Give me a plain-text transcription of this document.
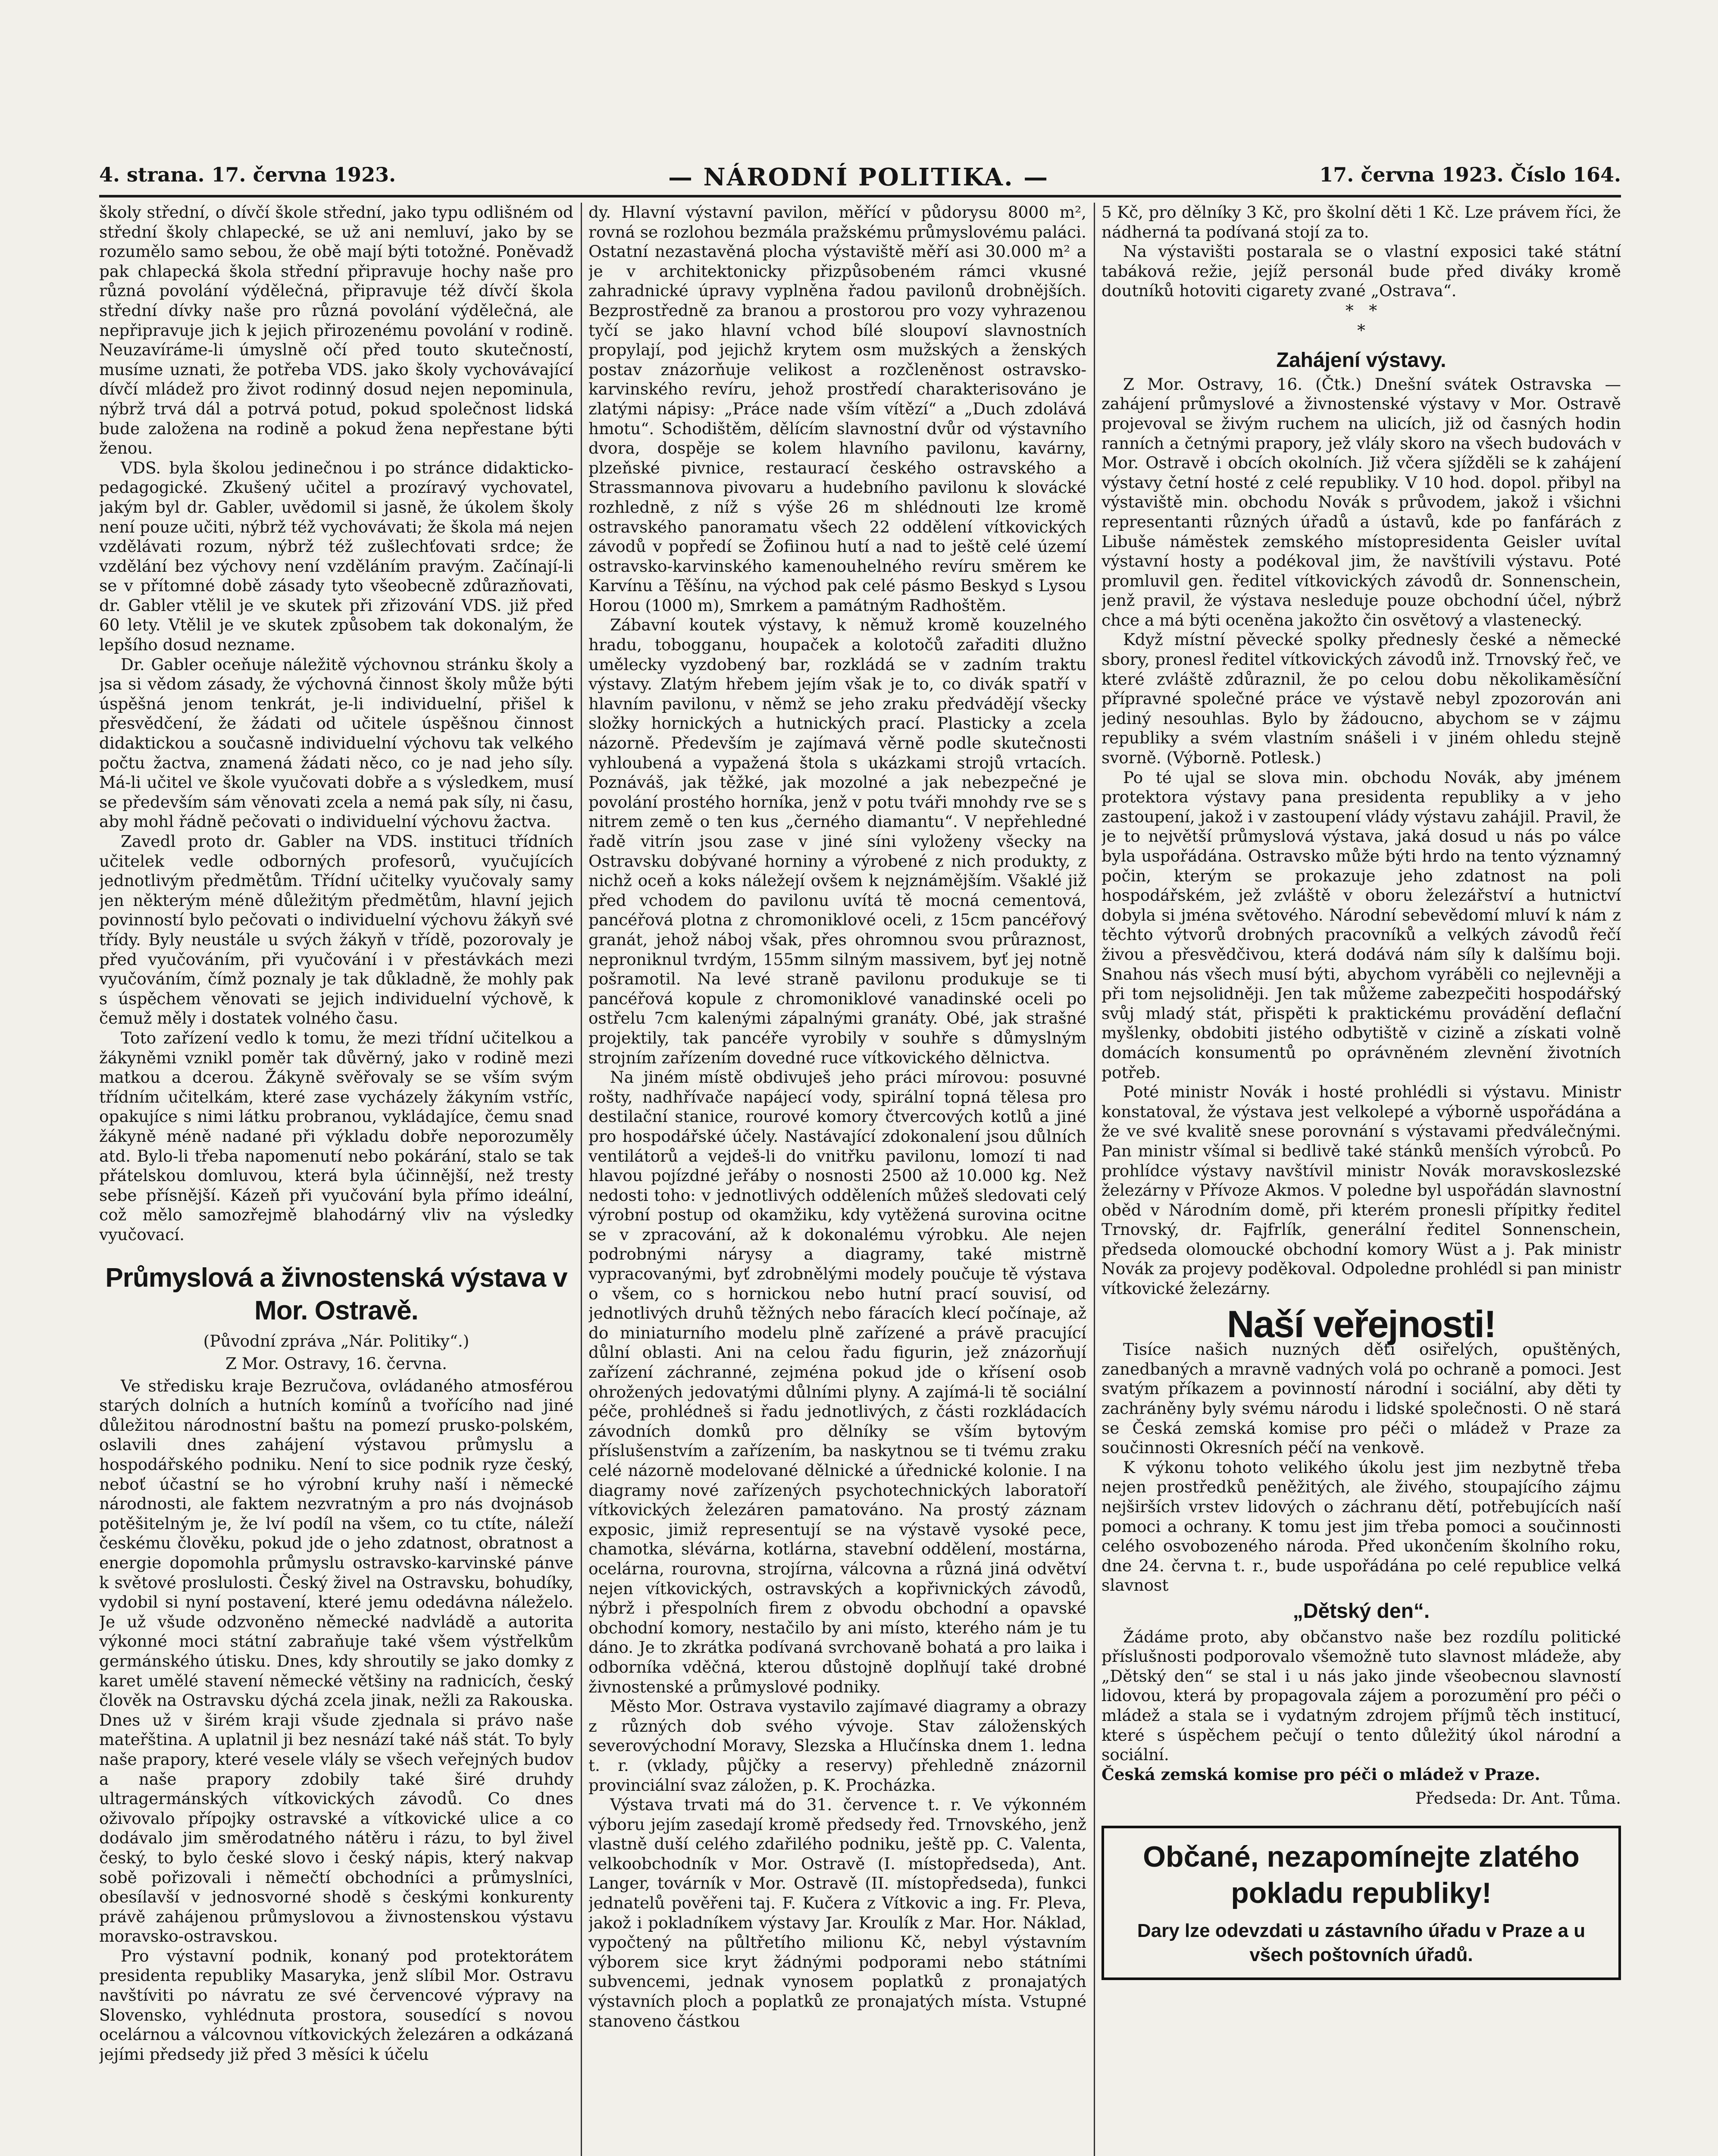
4. strana. 17. června 1923.	— NÁRODNÍ POLITIKA. —	17. června 1923. Číslo 164.

školy střední, o dívčí škole střední, jako typu odlišném od střední školy chlapecké, se už ani nemluví, jako by se rozumělo samo sebou, že obě mají býti totožné. Poněvadž pak chlapecká škola střední připravuje hochy naše pro různá povolání výdělečná, připravuje též dívčí škola střední dívky naše pro různá povolání výdělečná, ale nepřipravuje jich k jejich přirozenému povolání v rodině. Neuzavíráme-li úmyslně očí před touto skutečností, musíme uznati, že potřeba VDS. jako školy vychovávající dívčí mládež pro život rodinný dosud nejen nepominula, nýbrž trvá dál a potrvá potud, pokud společnost lidská bude založena na rodině a pokud žena nepřestane býti ženou.

VDS. byla školou jedinečnou i po stránce didakticko-pedagogické. Zkušený učitel a prozíravý vychovatel, jakým byl dr. Gabler, uvědomil si jasně, že úkolem školy není pouze učiti, nýbrž též vychovávati; že škola má nejen vzdělávati rozum, nýbrž též zušlechťovati srdce; že vzdělání bez výchovy není vzděláním pravým. Začínají-li se v přítomné době zásady tyto všeobecně zdůrazňovati, dr. Gabler vtělil je ve skutek při zřizování VDS. již před 60 lety. Vtělil je ve skutek způsobem tak dokonalým, že lepšího dosud nezname.

Dr. Gabler oceňuje náležitě výchovnou stránku školy a jsa si vědom zásady, že výchovná činnost školy může býti úspěšná jenom tenkrát, je-li individuelní, přišel k přesvědčení, že žádati od učitele úspěšnou činnost didaktickou a současně individuelní výchovu tak velkého počtu žactva, znamená žádati něco, co je nad jeho síly. Má-li učitel ve škole vyučovati dobře a s výsledkem, musí se především sám věnovati zcela a nemá pak síly, ni času, aby mohl řádně pečovati o individuelní výchovu žactva.

Zavedl proto dr. Gabler na VDS. instituci třídních učitelek vedle odborných profesorů, vyučujících jednotlivým předmětům. Třídní učitelky vyučovaly samy jen některým méně důležitým předmětům, hlavní jejich povinností bylo pečovati o individuelní výchovu žákyň své třídy. Byly neustále u svých žákyň v třídě, pozorovaly je před vyučováním, při vyučování i v přestávkách mezi vyučováním, čímž poznaly je tak důkladně, že mohly pak s úspěchem věnovati se jejich individuelní výchově, k čemuž měly i dostatek volného času.

Toto zařízení vedlo k tomu, že mezi třídní učitelkou a žákyněmi vznikl poměr tak důvěrný, jako v rodině mezi matkou a dcerou. Žákyně svěřovaly se se vším svým třídním učitelkám, které zase vycházely žákyním vstříc, opakujíce s nimi látku probranou, vykládajíce, čemu snad žákyně méně nadané při výkladu dobře neporozuměly atd. Bylo-li třeba napomenutí nebo pokárání, stalo se tak přátelskou domluvou, která byla účinnější, než tresty sebe přísnější. Kázeň při vyučování byla přímo ideální, což mělo samozřejmě blahodárný vliv na výsledky vyučovací.

Průmyslová a živnostenská výstava v Mor. Ostravě.

(Původní zpráva „Nár. Politiky“.)

Z Mor. Ostravy, 16. června.

Ve středisku kraje Bezručova, ovládaného atmosférou starých dolních a hutních komínů a tvořícího nad jiné důležitou národnostní baštu na pomezí prusko-polském, oslavili dnes zahájení výstavou průmyslu a hospodářského podniku. Není to sice podnik ryze český, neboť účastní se ho výrobní kruhy naší i německé národnosti, ale faktem nezvratným a pro nás dvojnásob potěšitelným je, že lví podíl na všem, co tu ctíte, náleží českému člověku, pokud jde o jeho zdatnost, obratnost a energie dopomohla průmyslu ostravsko-karvinské pánve k světové proslulosti. Český živel na Ostravsku, bohudíky, vydobil si nyní postavení, které jemu odedávna náleželo. Je už všude odzvoněno německé nadvládě a autorita výkonné moci státní zabraňuje také všem výstřelkům germánského útisku. Dnes, kdy shroutily se jako domky z karet umělé stavení německé většiny na radnicích, český člověk na Ostravsku dýchá zcela jinak, nežli za Rakouska. Dnes už v širém kraji všude zjednala si právo naše mateřština. A uplatnil ji bez nesnází také náš stát. To byly naše prapory, které vesele vlály se všech veřejných budov a naše prapory zdobily také širé druhdy ultragermánských vítkovických závodů. Co dnes oživovalo přípojky ostravské a vítkovické ulice a co dodávalo jim směrodatného nátěru i rázu, to byl živel český, to bylo české slovo i český nápis, který nakvap sobě pořizovali i němečtí obchodníci a průmyslníci, obesílavší v jednosvorné shodě s českými konkurenty právě zahájenou průmyslovou a živnostenskou výstavu moravsko-ostravskou.

Pro výstavní podnik, konaný pod protektorátem presidenta republiky Masaryka, jenž slíbil Mor. Ostravu navštíviti po návratu ze své červencové výpravy na Slovensko, vyhlédnuta prostora, sousedící s novou ocelárnou a válcovnou vítkovických železáren a odkázaná jejími předsedy již před 3 měsíci k účelu

dy. Hlavní výstavní pavilon, měřící v půdorysu 8000 m², rovná se rozlohou bezmála pražskému průmyslovému paláci. Ostatní nezastavěná plocha výstaviště měří asi 30.000 m² a je v architektonicky přizpůsobeném rámci vkusné zahradnické úpravy vyplněna řadou pavilonů drobnějších. Bezprostředně za branou a prostorou pro vozy vyhrazenou tyčí se jako hlavní vchod bílé sloupoví slavnostních propylají, pod jejichž krytem osm mužských a ženských postav znázorňuje velikost a rozčleněnost ostravsko-karvinského revíru, jehož prostředí charakterisováno je zlatými nápisy: „Práce nade vším vítězí“ a „Duch zdolává hmotu“. Schodištěm, dělícím slavnostní dvůr od výstavního dvora, dospěje se kolem hlavního pavilonu, kavárny, plzeňské pivnice, restaurací českého ostravského a Strassmannova pivovaru a hudebního pavilonu k slovácké rozhledně, z níž s výše 26 m shlédnouti lze kromě ostravského panoramatu všech 22 oddělení vítkovických závodů v popředí se Žofiinou hutí a nad to ještě celé území ostravsko-karvinského kamenouhelného revíru směrem ke Karvínu a Těšínu, na východ pak celé pásmo Beskyd s Lysou Horou (1000 m), Smrkem a památným Radhoštěm.

Zábavní koutek výstavy, k němuž kromě kouzelného hradu, tobogganu, houpaček a kolotočů zařaditi dlužno umělecky vyzdobený bar, rozkládá se v zadním traktu výstavy. Zlatým hřebem jejím však je to, co divák spatří v hlavním pavilonu, v němž se jeho zraku předvádějí všecky složky hornických a hutnických prací. Plasticky a zcela názorně. Především je zajímavá věrně podle skutečnosti vyhloubená a vypažená štola s ukázkami strojů vrtacích. Poznáváš, jak těžké, jak mozolné a jak nebezpečné je povolání prostého horníka, jenž v potu tváři mnohdy rve se s nitrem země o ten kus „černého diamantu“. V nepřehledné řadě vitrín jsou zase v jiné síni vyloženy všecky na Ostravsku dobývané horniny a výrobené z nich produkty, z nichž oceň a koks náležejí ovšem k nejznámějším. Všaklé již před vchodem do pavilonu uvítá tě mocná cementová, pancéřová plotna z chromoniklové oceli, z 15cm pancéřový granát, jehož náboj však, přes ohromnou svou průraznost, neproniknul tvrdým, 155mm silným massivem, byť jej notně pošramotil. Na levé straně pavilonu produkuje se ti pancéřová kopule z chromoniklové vanadinské oceli po ostřelu 7cm kalenými zápalnými granáty. Obé, jak strašné projektily, tak pancéře vyrobily v souhře s důmyslným strojním zařízením dovedné ruce vítkovického dělnictva.

Na jiném místě obdivuješ jeho práci mírovou: posuvné rošty, nadhřívače napájecí vody, spirální topná tělesa pro destilační stanice, rourové komory čtvercových kotlů a jiné pro hospodářské účely. Nastávající zdokonalení jsou důlních ventilátorů a vejdeš-li do vnitřku pavilonu, lomozí ti nad hlavou pojízdné jeřáby o nosnosti 2500 až 10.000 kg. Než nedosti toho: v jednotlivých odděleních můžeš sledovati celý výrobní postup od okamžiku, kdy vytěžená surovina ocitne se v zpracování, až k dokonalému výrobku. Ale nejen podrobnými nárysy a diagramy, také mistrně vypracovanými, byť zdrobnělými modely poučuje tě výstava o všem, co s hornickou nebo hutní prací souvisí, od jednotlivých druhů těžných nebo fáracích klecí počínaje, až do miniaturního modelu plně zařízené a právě pracující důlní oblasti. Ani na celou řadu figurin, jež znázorňují zařízení záchranné, zejména pokud jde o křísení osob ohrožených jedovatými důlními plyny. A zajímá-li tě sociální péče, prohlédneš si řadu jednotlivých, z části rozkládacích závodních domků pro dělníky se vším bytovým příslušenstvím a zařízením, ba naskytnou se ti tvému zraku celé názorně modelované dělnické a úřednické kolonie. I na diagramy nové zařízených psychotechnických laboratoří vítkovických železáren pamatováno. Na prostý záznam exposic, jimiž representují se na výstavě vysoké pece, chamotka, slévárna, kotlárna, stavební oddělení, mostárna, ocelárna, rourovna, strojírna, válcovna a různá jiná odvětví nejen vítkovických, ostravských a kopřivnických závodů, nýbrž i přespolních firem z obvodu obchodní a opavské obchodní komory, nestačilo by ani místo, kterého nám je tu dáno. Je to zkrátka podívaná svrchovaně bohatá a pro laika i odborníka vděčná, kterou důstojně doplňují také drobné živnostenské a průmyslové podniky.

Město Mor. Ostrava vystavilo zajímavé diagramy a obrazy z různých dob svého vývoje. Stav záloženských severovýchodní Moravy, Slezska a Hlučínska dnem 1. ledna t. r. (vklady, půjčky a reservy) přehledně znázornil provinciální svaz záložen, p. K. Procházka.

Výstava trvati má do 31. července t. r. Ve výkonném výboru jejím zasedají kromě předsedy řed. Trnovského, jenž vlastně duší celého zdařilého podniku, ještě pp. C. Valenta, velkoobchodník v Mor. Ostravě (I. místopředseda), Ant. Langer, továrník v Mor. Ostravě (II. místopředseda), funkci jednatelů pověřeni taj. F. Kučera z Vítkovic a ing. Fr. Pleva, jakož i pokladníkem výstavy Jar. Kroulík z Mar. Hor. Náklad, vypočtený na půltřetího milionu Kč, nebyl výstavním výborem sice kryt žádnými podporami nebo státními subvencemi, jednak vynosem poplatků z pronajatých výstavních ploch a poplatků ze pronajatých místa. Vstupné stanoveno částkou

5 Kč, pro dělníky 3 Kč, pro školní děti 1 Kč. Lze právem říci, že nádherná ta podívaná stojí za to.

Na výstavišti postarala se o vlastní exposici také státní tabáková režie, jejíž personál bude před diváky kromě doutníků hotoviti cigarety zvané „Ostrava“.

*   *
*
Zahájení výstavy.

Z Mor. Ostravy, 16. (Čtk.) Dnešní svátek Ostravska — zahájení průmyslové a živnostenské výstavy v Mor. Ostravě projevoval se živým ruchem na ulicích, již od časných hodin ranních a četnými prapory, jež vlály skoro na všech budovách v Mor. Ostravě i obcích okolních. Již včera sjížděli se k zahájení výstavy četní hosté z celé republiky. V 10 hod. dopol. přibyl na výstaviště min. obchodu Novák s průvodem, jakož i všichni representanti různých úřadů a ústavů, kde po fanfárách z Libuše náměstek zemského místopresidenta Geisler uvítal výstavní hosty a podékoval jim, že navštívili výstavu. Poté promluvil gen. ředitel vítkovických závodů dr. Sonnenschein, jenž pravil, že výstava nesleduje pouze obchodní účel, nýbrž chce a má býti oceněna jakožto čin osvětový a vlastenecký.

Když místní pěvecké spolky přednesly české a německé sbory, pronesl ředitel vítkovických závodů inž. Trnovský řeč, ve které zvláště zdůraznil, že po celou dobu několikaměsíční přípravné společné práce ve výstavě nebyl zpozorován ani jediný nesouhlas. Bylo by žádoucno, abychom se v zájmu republiky a svém vlastním snášeli i v jiném ohledu stejně svorně. (Výborně. Potlesk.)

Po té ujal se slova min. obchodu Novák, aby jménem protektora výstavy pana presidenta republiky a v jeho zastoupení, jakož i v zastoupení vlády výstavu zahájil. Pravil, že je to největší průmyslová výstava, jaká dosud u nás po válce byla uspořádána. Ostravsko může býti hrdo na tento významný počin, kterým se prokazuje jeho zdatnost na poli hospodářském, jež zvláště v oboru železářství a hutnictví dobyla si jména světového. Národní sebevědomí mluví k nám z těchto výtvorů drobných pracovníků a velkých závodů řečí živou a přesvědčivou, která dodává nám síly k dalšímu boji. Snahou nás všech musí býti, abychom vyráběli co nejlevněji a při tom nejsolidněji. Jen tak můžeme zabezpečiti hospodářský svůj mladý stát, přispěti k praktickému provádění deflační myšlenky, obdobiti jistého odbytiště v cizině a získati volně domácích konsumentů po oprávněném zlevnění životních potřeb.

Poté ministr Novák i hosté prohlédli si výstavu. Ministr konstatoval, že výstava jest velkolepé a výborně uspořádána a že ve své kvalitě snese porovnání s výstavami předválečnými. Pan ministr všímal si bedlivě také stánků menších výrobců. Po prohlídce výstavy navštívil ministr Novák moravskoslezské železárny v Přívoze Akmos. V poledne byl uspořádán slavnostní oběd v Národním domě, při kterém pronesli přípitky ředitel Trnovský, dr. Fajfrlík, generální ředitel Sonnenschein, předseda olomoucké obchodní komory Wüst a j. Pak ministr Novák za projevy poděkoval. Odpoledne prohlédl si pan ministr vítkovické železárny.

Naší veřejnosti!

Tisíce našich nuzných dětí osiřelých, opuštěných, zanedbaných a mravně vadných volá po ochraně a pomoci. Jest svatým příkazem a povinností národní i sociální, aby děti ty zachráněny byly svému národu i lidské společnosti. O ně stará se Česká zemská komise pro péči o mládež v Praze za součinnosti Okresních péčí na venkově.

K výkonu tohoto velikého úkolu jest jim nezbytně třeba nejen prostředků peněžitých, ale živého, stoupajícího zájmu nejširších vrstev lidových o záchranu dětí, potřebujících naší pomoci a ochrany. K tomu jest jim třeba pomoci a součinnosti celého osvobozeného národa. Před ukončením školního roku, dne 24. června t. r., bude uspořádána po celé republice velká slavnost

„Dětský den“.

Žádáme proto, aby občanstvo naše bez rozdílu politické příslušnosti podporovalo všemožně tuto slavnost mládeže, aby „Dětský den“ se stal i u nás jako jinde všeobecnou slavností lidovou, která by propagovala zájem a porozumění pro péči o mládež a stala se i vydatným zdrojem příjmů těch institucí, které s úspěchem pečují o tento důležitý úkol národní a sociální.

Česká zemská komise pro péči o mládež v Praze.

Předseda: Dr. Ant. Tůma.

Občané, nezapomínejte zlatého pokladu republiky!
Dary lze odevzdati u zástavního úřadu v Praze a u všech poštovních úřadů.
